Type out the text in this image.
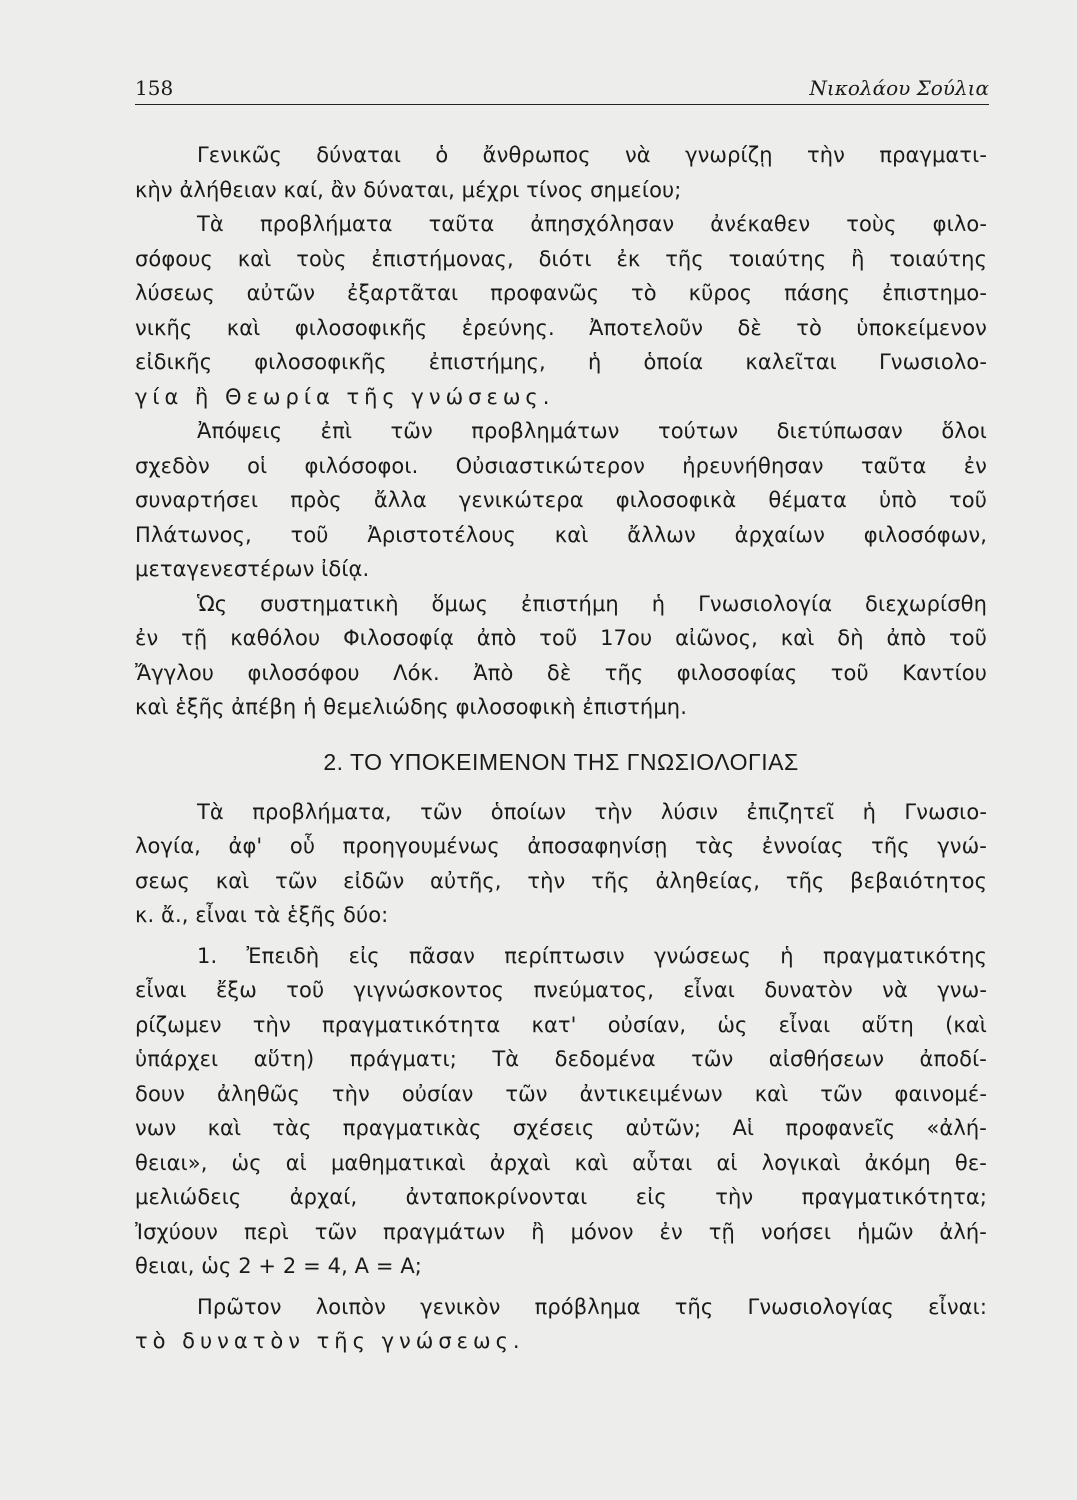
158	Νικολάου Σούλια
Γενικῶς δύναται ὁ ἄνθρωπος νὰ γνωρίζῃ τὴν πραγματι-
κὴν ἀλήθειαν καί, ἂν δύναται, μέχρι τίνος σημείου;
Τὰ προβλήματα ταῦτα ἀπησχόλησαν ἀνέκαθεν τοὺς φιλο-
σόφους καὶ τοὺς ἐπιστήμονας, διότι ἐκ τῆς τοιαύτης ἢ τοιαύτης
λύσεως αὐτῶν ἐξαρτᾶται προφανῶς τὸ κῦρος πάσης ἐπιστημο-
νικῆς καὶ φιλοσοφικῆς ἐρεύνης. Ἀποτελοῦν δὲ τὸ ὑποκείμενον
εἰδικῆς φιλοσοφικῆς ἐπιστήμης, ἡ ὁποία καλεῖται Γνωσιολο-
γία ἢ Θεωρία τῆς γνώσεως.
Ἀπόψεις ἐπὶ τῶν προβλημάτων τούτων διετύπωσαν ὅλοι
σχεδὸν οἱ φιλόσοφοι. Οὐσιαστικώτερον ἠρευνήθησαν ταῦτα ἐν
συναρτήσει πρὸς ἄλλα γενικώτερα φιλοσοφικὰ θέματα ὑπὸ τοῦ
Πλάτωνος, τοῦ Ἀριστοτέλους καὶ ἄλλων ἀρχαίων φιλοσόφων,
μεταγενεστέρων ἰδίᾳ.
Ὡς συστηματικὴ ὅμως ἐπιστήμη ἡ Γνωσιολογία διεχωρίσθη
ἐν τῇ καθόλου Φιλοσοφίᾳ ἀπὸ τοῦ 17ου αἰῶνος, καὶ δὴ ἀπὸ τοῦ
Ἄγγλου φιλοσόφου Λόκ. Ἀπὸ δὲ τῆς φιλοσοφίας τοῦ Καντίου
καὶ ἑξῆς ἀπέβη ἡ θεμελιώδης φιλοσοφικὴ ἐπιστήμη.
2. ΤΟ ΥΠΟΚΕΙΜΕΝΟΝ ΤΗΣ ΓΝΩΣΙΟΛΟΓΙΑΣ
Τὰ προβλήματα, τῶν ὁποίων τὴν λύσιν ἐπιζητεῖ ἡ Γνωσιο-
λογία, ἀφ' οὗ προηγουμένως ἀποσαφηνίσῃ τὰς ἐννοίας τῆς γνώ-
σεως καὶ τῶν εἰδῶν αὐτῆς, τὴν τῆς ἀληθείας, τῆς βεβαιότητος
κ. ἄ., εἶναι τὰ ἑξῆς δύο:
1. Ἐπειδὴ εἰς πᾶσαν περίπτωσιν γνώσεως ἡ πραγματικότης
εἶναι ἔξω τοῦ γιγνώσκοντος πνεύματος, εἶναι δυνατὸν νὰ γνω-
ρίζωμεν τὴν πραγματικότητα κατ' οὐσίαν, ὡς εἶναι αὕτη (καὶ
ὑπάρχει αὕτη) πράγματι; Τὰ δεδομένα τῶν αἰσθήσεων ἀποδί-
δουν ἀληθῶς τὴν οὐσίαν τῶν ἀντικειμένων καὶ τῶν φαινομέ-
νων καὶ τὰς πραγματικὰς σχέσεις αὐτῶν; Αἱ προφανεῖς «ἀλή-
θειαι», ὡς αἱ μαθηματικαὶ ἀρχαὶ καὶ αὗται αἱ λογικαὶ ἀκόμη θε-
μελιώδεις ἀρχαί, ἀνταποκρίνονται εἰς τὴν πραγματικότητα;
Ἰσχύουν περὶ τῶν πραγμάτων ἢ μόνον ἐν τῇ νοήσει ἡμῶν ἀλή-
θειαι, ὡς 2 + 2 = 4, Α = Α;
Πρῶτον λοιπὸν γενικὸν πρόβλημα τῆς Γνωσιολογίας εἶναι:
τὸ δυνατὸν τῆς γνώσεως.
